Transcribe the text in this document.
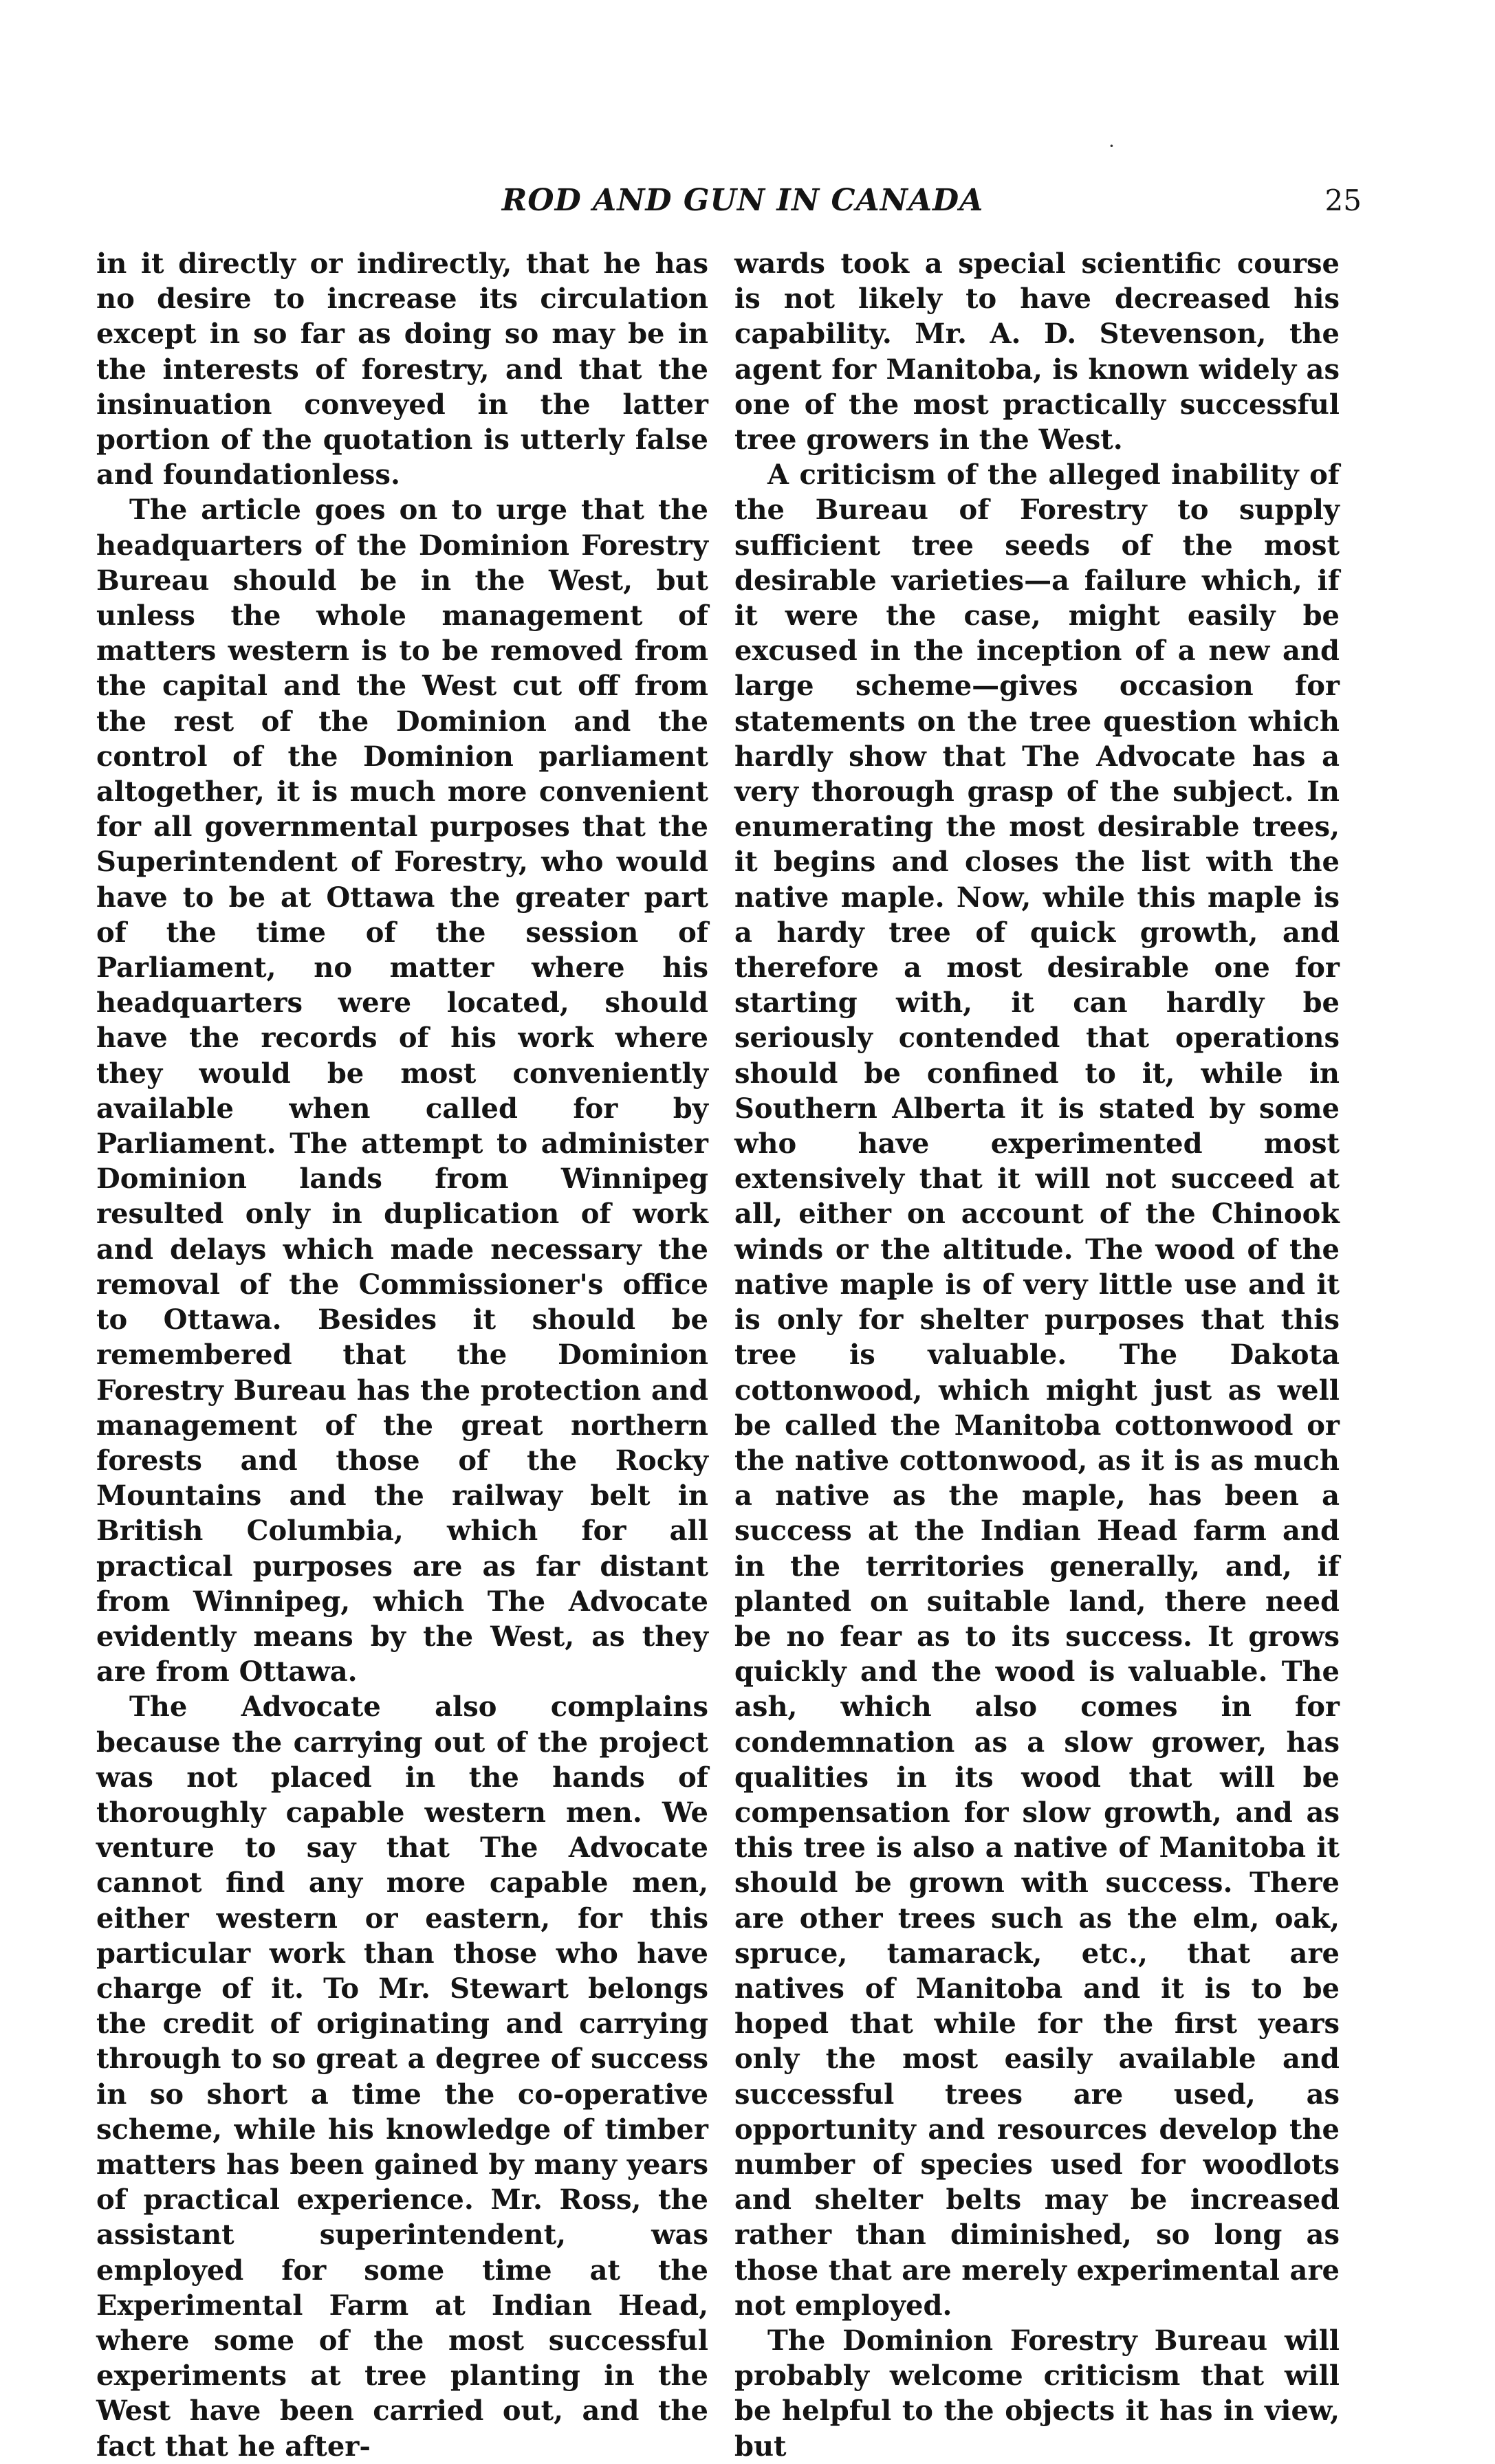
ROD AND GUN IN CANADA	25
·

in it directly or indirectly, that he has no desire to increase its circulation except in so far as doing so may be in the interests of forestry, and that the insinuation conveyed in the latter portion of the quotation is utterly false and foundationless.

The article goes on to urge that the headquarters of the Dominion Forestry Bureau should be in the West, but unless the whole management of matters western is to be removed from the capital and the West cut off from the rest of the Dominion and the control of the Dominion parliament altogether, it is much more convenient for all governmental purposes that the Superintendent of Forestry, who would have to be at Ottawa the greater part of the time of the session of Parliament, no matter where his headquarters were located, should have the records of his work where they would be most conveniently available when called for by Parliament. The attempt to administer Dominion lands from Winnipeg resulted only in duplication of work and delays which made necessary the removal of the Commissioner's office to Ottawa. Besides it should be remembered that the Dominion Forestry Bureau has the protection and management of the great northern forests and those of the Rocky Mountains and the railway belt in British Columbia, which for all practical purposes are as far distant from Winnipeg, which The Advocate evidently means by the West, as they are from Ottawa.

The Advocate also complains because the carrying out of the project was not placed in the hands of thoroughly capable western men. We venture to say that The Advocate cannot find any more capable men, either western or eastern, for this particular work than those who have charge of it. To Mr. Stewart belongs the credit of originating and carrying through to so great a degree of success in so short a time the co-operative scheme, while his knowledge of timber matters has been gained by many years of practical experience. Mr. Ross, the assistant superintendent, was employed for some time at the Experimental Farm at Indian Head, where some of the most successful experiments at tree planting in the West have been carried out, and the fact that he after-

wards took a special scientific course is not likely to have decreased his capability. Mr. A. D. Stevenson, the agent for Manitoba, is known widely as one of the most practically successful tree growers in the West.

A criticism of the alleged inability of the Bureau of Forestry to supply sufficient tree seeds of the most desirable varieties—a failure which, if it were the case, might easily be excused in the inception of a new and large scheme—gives occasion for statements on the tree question which hardly show that The Advocate has a very thorough grasp of the subject. In enumerating the most desirable trees, it begins and closes the list with the native maple. Now, while this maple is a hardy tree of quick growth, and therefore a most desirable one for starting with, it can hardly be seriously contended that operations should be confined to it, while in Southern Alberta it is stated by some who have experimented most extensively that it will not succeed at all, either on account of the Chinook winds or the altitude. The wood of the native maple is of very little use and it is only for shelter purposes that this tree is valuable. The Dakota cottonwood, which might just as well be called the Manitoba cottonwood or the native cottonwood, as it is as much a native as the maple, has been a success at the Indian Head farm and in the territories generally, and, if planted on suitable land, there need be no fear as to its success. It grows quickly and the wood is valuable. The ash, which also comes in for condemnation as a slow grower, has qualities in its wood that will be compensation for slow growth, and as this tree is also a native of Manitoba it should be grown with success. There are other trees such as the elm, oak, spruce, tamarack, etc., that are natives of Manitoba and it is to be hoped that while for the first years only the most easily available and successful trees are used, as opportunity and resources develop the number of species used for woodlots and shelter belts may be increased rather than diminished, so long as those that are merely experimental are not employed.

The Dominion Forestry Bureau will probably welcome criticism that will be helpful to the objects it has in view, but
